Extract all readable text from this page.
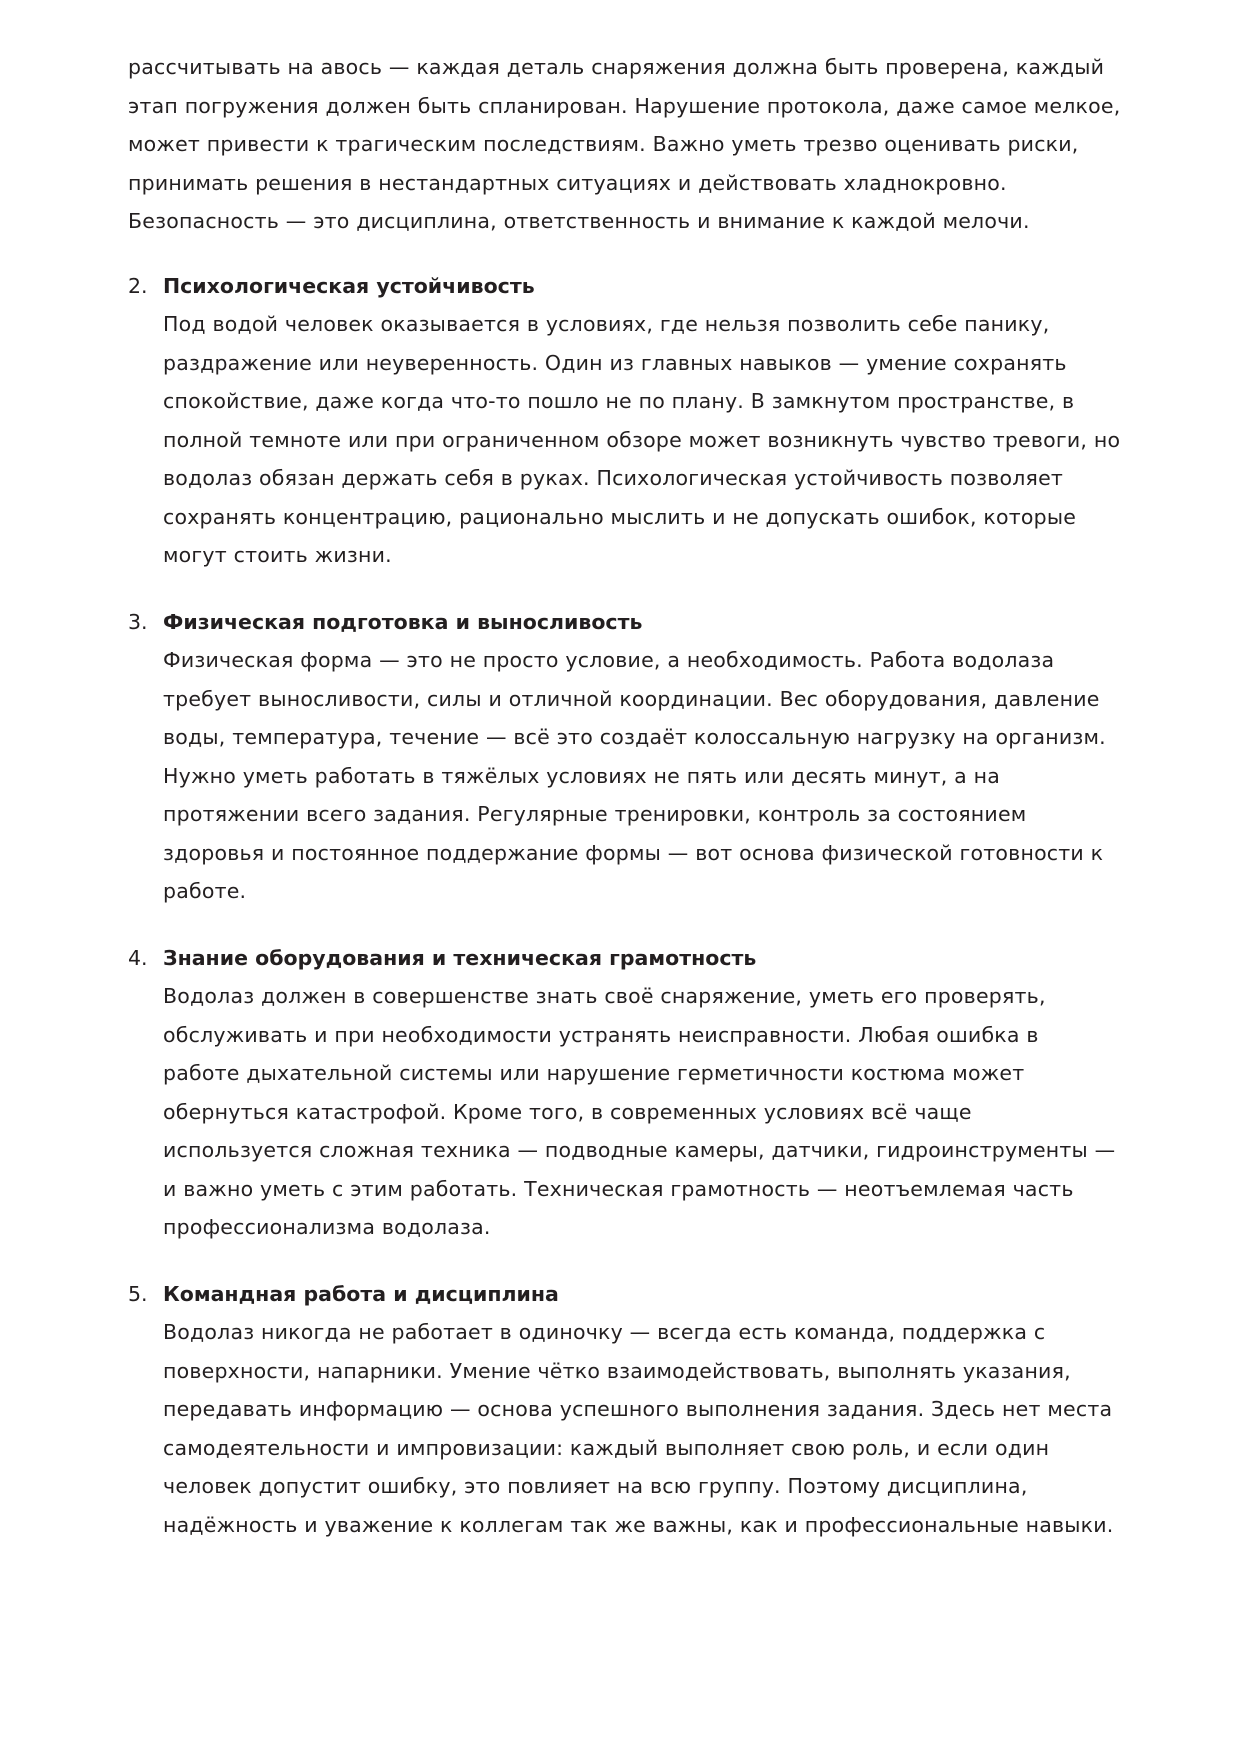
рассчитывать на авось — каждая деталь снаряжения должна быть проверена, каждый этап погружения должен быть спланирован. Нарушение протокола, даже самое мелкое, может привести к трагическим последствиям. Важно уметь трезво оценивать риски, принимать решения в нестандартных ситуациях и действовать хладнокровно. Безопасность — это дисциплина, ответственность и внимание к каждой мелочи.

Психологическая устойчивость

Под водой человек оказывается в условиях, где нельзя позволить себе панику, раздражение или неуверенность. Один из главных навыков — умение сохранять спокойствие, даже когда что-то пошло не по плану. В замкнутом пространстве, в полной темноте или при ограниченном обзоре может возникнуть чувство тревоги, но водолаз обязан держать себя в руках. Психологическая устойчивость позволяет сохранять концентрацию, рационально мыслить и не допускать ошибок, которые могут стоить жизни.

Физическая подготовка и выносливость

Физическая форма — это не просто условие, а необходимость. Работа водолаза требует выносливости, силы и отличной координации. Вес оборудования, давление воды, температура, течение — всё это создаёт колоссальную нагрузку на организм. Нужно уметь работать в тяжёлых условиях не пять или десять минут, а на протяжении всего задания. Регулярные тренировки, контроль за состоянием здоровья и постоянное поддержание формы — вот основа физической готовности к работе.

Знание оборудования и техническая грамотность

Водолаз должен в совершенстве знать своё снаряжение, уметь его проверять, обслуживать и при необходимости устранять неисправности. Любая ошибка в работе дыхательной системы или нарушение герметичности костюма может обернуться катастрофой. Кроме того, в современных условиях всё чаще используется сложная техника — подводные камеры, датчики, гидроинструменты — и важно уметь с этим работать. Техническая грамотность — неотъемлемая часть профессионализма водолаза.

Командная работа и дисциплина

Водолаз никогда не работает в одиночку — всегда есть команда, поддержка с поверхности, напарники. Умение чётко взаимодействовать, выполнять указания, передавать информацию — основа успешного выполнения задания. Здесь нет места самодеятельности и импровизации: каждый выполняет свою роль, и если один человек допустит ошибку, это повлияет на всю группу. Поэтому дисциплина, надёжность и уважение к коллегам так же важны, как и профессиональные навыки.
